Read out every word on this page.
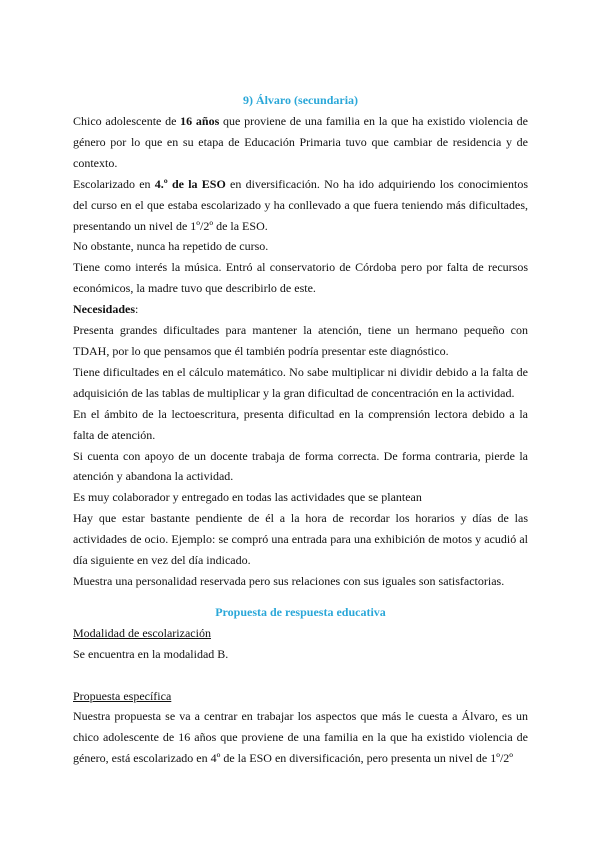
9) Álvaro (secundaria)

Chico adolescente de 16 años que proviene de una familia en la que ha existido violencia de género por lo que en su etapa de Educación Primaria tuvo que cambiar de residencia y de contexto.

Escolarizado en 4.º de la ESO en diversificación. No ha ido adquiriendo los conocimientos del curso en el que estaba escolarizado y ha conllevado a que fuera teniendo más dificultades, presentando un nivel de 1º/2º de la ESO.

No obstante, nunca ha repetido de curso.

Tiene como interés la música. Entró al conservatorio de Córdoba pero por falta de recursos económicos, la madre tuvo que describirlo de este.

Necesidades:

Presenta grandes dificultades para mantener la atención, tiene un hermano pequeño con TDAH, por lo que pensamos que él también podría presentar este diagnóstico.

Tiene dificultades en el cálculo matemático. No sabe multiplicar ni dividir debido a la falta de adquisición de las tablas de multiplicar y la gran dificultad de concentración en la actividad.

En el ámbito de la lectoescritura, presenta dificultad en la comprensión lectora debido a la falta de atención.

Si cuenta con apoyo de un docente trabaja de forma correcta. De forma contraria, pierde la atención y abandona la actividad.

Es muy colaborador y entregado en todas las actividades que se plantean

Hay que estar bastante pendiente de él a la hora de recordar los horarios y días de las actividades de ocio. Ejemplo: se compró una entrada para una exhibición de motos y acudió al día siguiente en vez del día indicado.

Muestra una personalidad reservada pero sus relaciones con sus iguales son satisfactorias.

Propuesta de respuesta educativa

Modalidad de escolarización

Se encuentra en la modalidad B.

Propuesta específica

Nuestra propuesta se va a centrar en trabajar los aspectos que más le cuesta a Álvaro, es un chico adolescente de 16 años que proviene de una familia en la que ha existido violencia de género, está escolarizado en 4º de la ESO en diversificación, pero presenta un nivel de 1º/2º
